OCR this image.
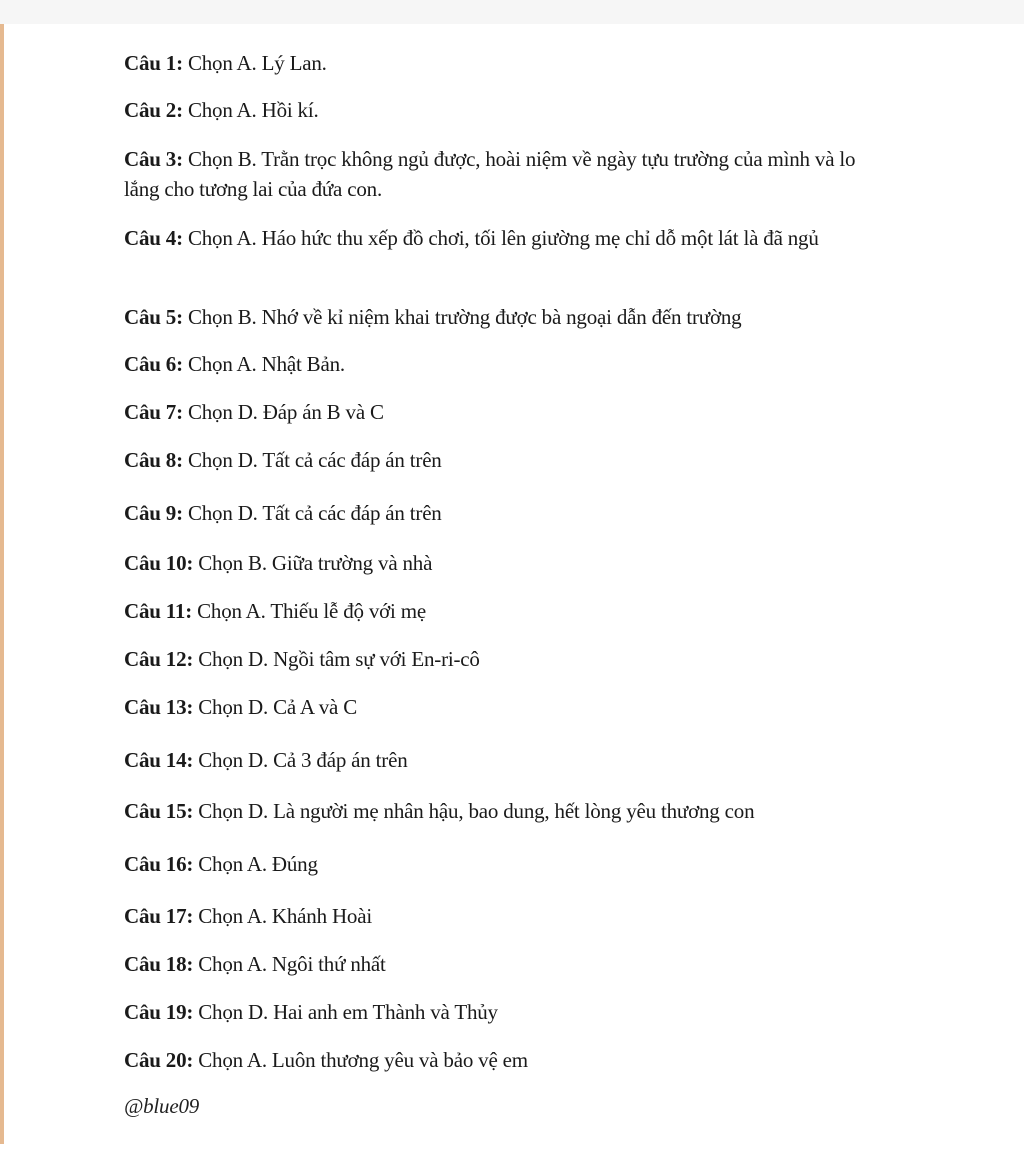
Câu 1: Chọn A. Lý Lan.
Câu 2: Chọn A. Hồi kí.
Câu 3: Chọn B. Trằn trọc không ngủ được, hoài niệm về ngày tựu trường của mình và lo lắng cho tương lai của đứa con.
Câu 4: Chọn A. Háo hức thu xếp đồ chơi, tối lên giường mẹ chỉ dỗ một lát là đã ngủ
Câu 5: Chọn B. Nhớ về kỉ niệm khai trường được bà ngoại dẫn đến trường
Câu 6: Chọn A. Nhật Bản.
Câu 7: Chọn D. Đáp án B và C
Câu 8: Chọn D. Tất cả các đáp án trên
Câu 9: Chọn D. Tất cả các đáp án trên
Câu 10: Chọn B. Giữa trường và nhà
Câu 11: Chọn A. Thiếu lễ độ với mẹ
Câu 12: Chọn D. Ngồi tâm sự với En-ri-cô
Câu 13: Chọn D. Cả A và C
Câu 14: Chọn D. Cả 3 đáp án trên
Câu 15: Chọn D. Là người mẹ nhân hậu, bao dung, hết lòng yêu thương con
Câu 16: Chọn A. Đúng
Câu 17: Chọn A. Khánh Hoài
Câu 18: Chọn A. Ngôi thứ nhất
Câu 19: Chọn D. Hai anh em Thành và Thủy
Câu 20: Chọn A. Luôn thương yêu và bảo vệ em
@blue09
